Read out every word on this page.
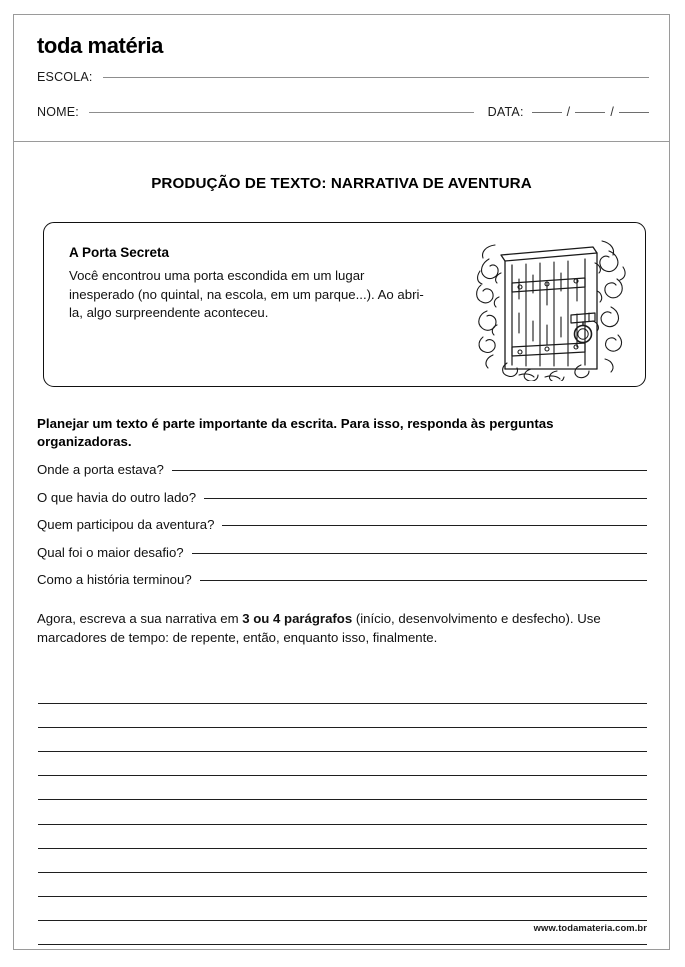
toda matéria
ESCOLA:
NOME:	DATA:	/	/
PRODUÇÃO DE TEXTO: NARRATIVA DE AVENTURA
A Porta Secreta
Você encontrou uma porta escondida em um lugar inesperado (no quintal, na escola, em um parque...). Ao abri-la, algo surpreendente aconteceu.
Planejar um texto é parte importante da escrita. Para isso, responda às perguntas organizadoras.
Onde a porta estava?
O que havia do outro lado?
Quem participou da aventura?
Qual foi o maior desafio?
Como a história terminou?
Agora, escreva a sua narrativa em 3 ou 4 parágrafos (início, desenvolvimento e desfecho). Use marcadores de tempo: de repente, então, enquanto isso, finalmente.
www.todamateria.com.br
